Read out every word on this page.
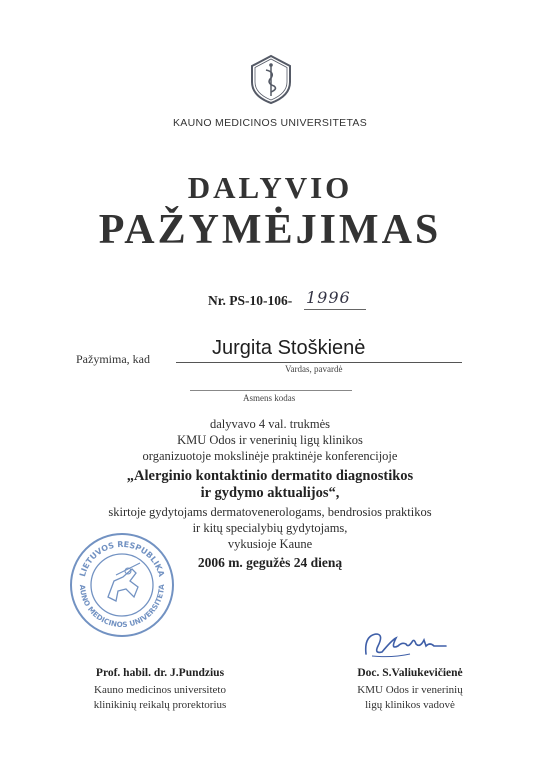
KAUNO MEDICINOS UNIVERSITETAS
DALYVIO
PAŽYMĖJIMAS
Nr. PS-10-106- 1996
Pažymima, kad	Jurgita Stoškienė
Vardas, pavardė
Asmens kodas
dalyvavo 4 val. trukmės
KMU Odos ir venerinių ligų klinikos
organizuotoje mokslinėje praktinėje konferencijoje
„Alerginio kontaktinio dermatito diagnostikos
ir gydymo aktualijos“,
skirtoje gydytojams dermatovenerologams, bendrosios praktikos
ir kitų specialybių gydytojams,
vykusioje Kaune
2006 m. gegužės 24 dieną
LIETUVOS RESPUBLIKA
AUNO MEDICINOS UNIVERSITETA
Prof. habil. dr. J.Pundzius
Kauno medicinos universiteto
klinikinių reikalų prorektorius
Doc. S.Valiukevičienė
KMU Odos ir venerinių
ligų klinikos vadovė
